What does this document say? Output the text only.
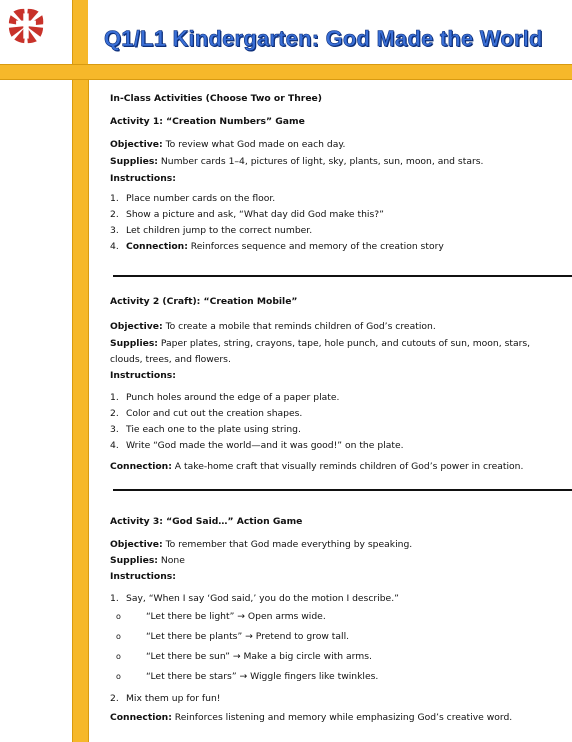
Q1/L1 Kindergarten: God Made the World

In-Class Activities (Choose Two or Three)

Activity 1: “Creation Numbers” Game

Objective: To review what God made on each day.

Supplies: Number cards 1–4, pictures of light, sky, plants, sun, moon, and stars.

Instructions:

1. Place number cards on the floor.
2. Show a picture and ask, “What day did God make this?”
3. Let children jump to the correct number.
4. Connection: Reinforces sequence and memory of the creation story

Activity 2 (Craft): “Creation Mobile”

Objective: To create a mobile that reminds children of God’s creation.

Supplies: Paper plates, string, crayons, tape, hole punch, and cutouts of sun, moon, stars,
clouds, trees, and flowers.

Instructions:

1. Punch holes around the edge of a paper plate.
2. Color and cut out the creation shapes.
3. Tie each one to the plate using string.
4. Write “God made the world—and it was good!” on the plate.

Connection: A take-home craft that visually reminds children of God’s power in creation.

Activity 3: “God Said…” Action Game

Objective: To remember that God made everything by speaking.

Supplies: None

Instructions:

1. Say, “When I say ‘God said,’ you do the motion I describe.”
o	“Let there be light” → Open arms wide.
o	“Let there be plants” → Pretend to grow tall.
o	“Let there be sun” → Make a big circle with arms.
o	“Let there be stars” → Wiggle fingers like twinkles.
2. Mix them up for fun!

Connection: Reinforces listening and memory while emphasizing God’s creative word.
